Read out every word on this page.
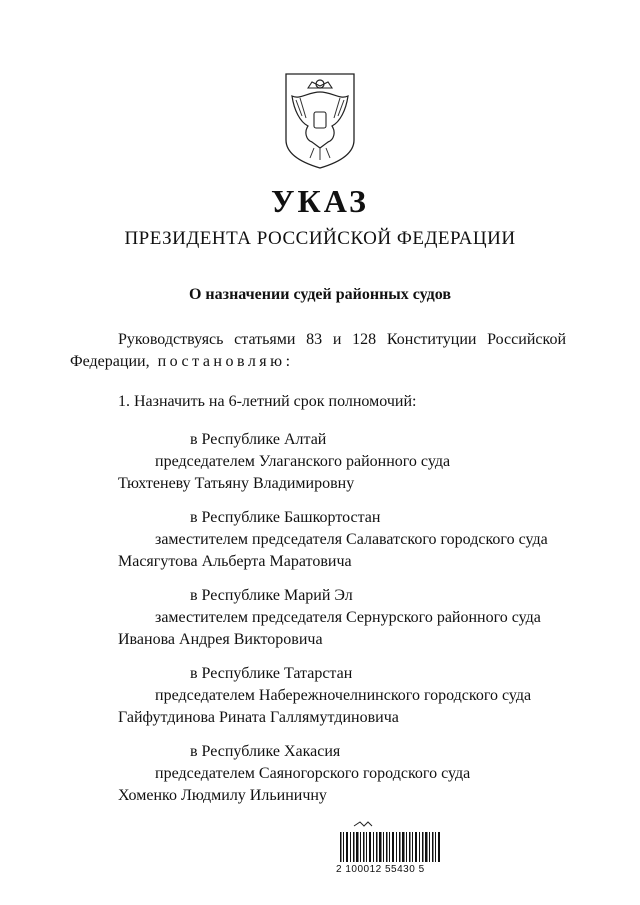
УКАЗ
ПРЕЗИДЕНТА РОССИЙСКОЙ ФЕДЕРАЦИИ
О назначении судей районных судов
Руководствуясь статьями 83 и 128 Конституции Российской
Федерации, постановляю:
1. Назначить на 6-летний срок полномочий:
в Республике Алтай
председателем Улаганского районного суда
Тюхтеневу Татьяну Владимировну
в Республике Башкортостан
заместителем председателя Салаватского городского суда
Масягутова Альберта Маратовича
в Республике Марий Эл
заместителем председателя Сернурского районного суда
Иванова Андрея Викторовича
в Республике Татарстан
председателем Набережночелнинского городского суда
Гайфутдинова Рината Галлямутдиновича
в Республике Хакасия
председателем Саяногорского городского суда
Хоменко Людмилу Ильиничну
2 100012 55430 5
